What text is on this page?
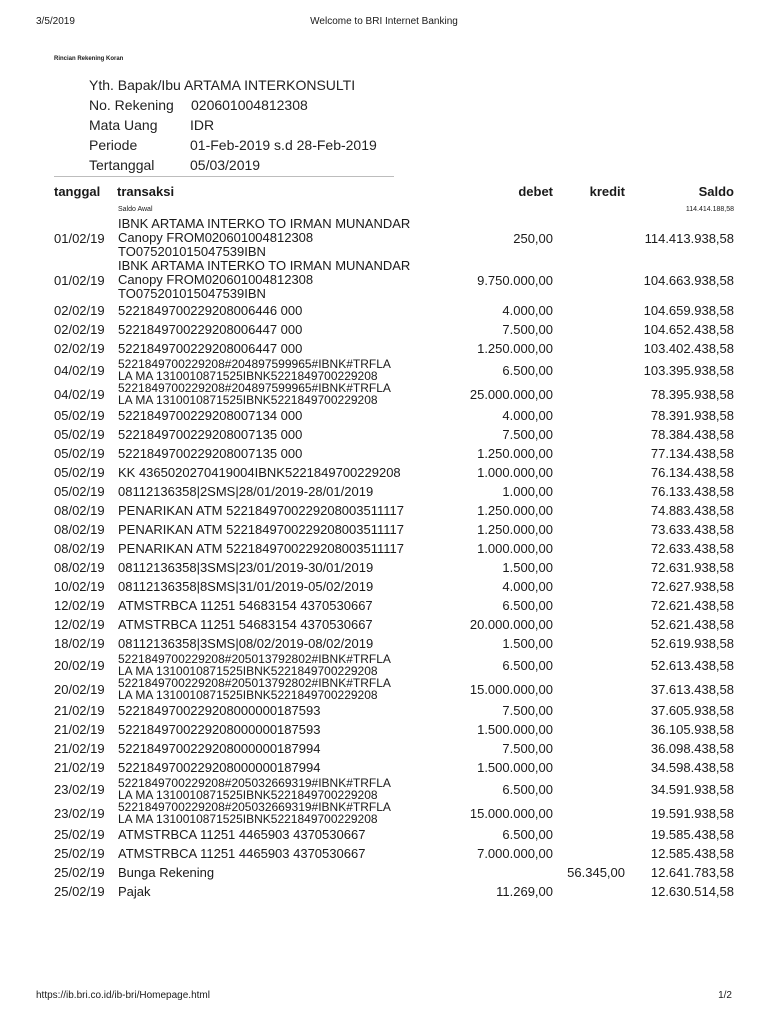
3/5/2019	Welcome to BRI Internet Banking
Rincian Rekening Koran
Yth. Bapak/Ibu ARTAMA INTERKONSULTI
No. Rekening 020601004812308
Mata Uang IDR
Periode	01-Feb-2019 s.d 28-Feb-2019
Tertanggal	05/03/2019
tanggal	transaksi	debet	kredit	Saldo
	Saldo Awal			114.414.188,58
01/02/19	IBNK ARTAMA INTERKO TO IRMAN MUNANDAR
Canopy FROM020601004812308
TO075201015047539IBN	250,00		114.413.938,58
01/02/19	IBNK ARTAMA INTERKO TO IRMAN MUNANDAR
Canopy FROM020601004812308
TO075201015047539IBN	9.750.000,00		104.663.938,58
02/02/19	5221849700229208006446 000	4.000,00		104.659.938,58
02/02/19	5221849700229208006447 000	7.500,00		104.652.438,58
02/02/19	5221849700229208006447 000	1.250.000,00		103.402.438,58
04/02/19	5221849700229208#204897599965#IBNK#TRFLA
LA MA 1310010871525IBNK5221849700229208	6.500,00		103.395.938,58
04/02/19	5221849700229208#204897599965#IBNK#TRFLA
LA MA 1310010871525IBNK5221849700229208	25.000.000,00		78.395.938,58
05/02/19	5221849700229208007134 000	4.000,00		78.391.938,58
05/02/19	5221849700229208007135 000	7.500,00		78.384.438,58
05/02/19	5221849700229208007135 000	1.250.000,00		77.134.438,58
05/02/19	KK 4365020270419004IBNK5221849700229208	1.000.000,00		76.134.438,58
05/02/19	08112136358|2SMS|28/01/2019-28/01/2019	1.000,00		76.133.438,58
08/02/19	PENARIKAN ATM 5221849700229208003511117	1.250.000,00		74.883.438,58
08/02/19	PENARIKAN ATM 5221849700229208003511117	1.250.000,00		73.633.438,58
08/02/19	PENARIKAN ATM 5221849700229208003511117	1.000.000,00		72.633.438,58
08/02/19	08112136358|3SMS|23/01/2019-30/01/2019	1.500,00		72.631.938,58
10/02/19	08112136358|8SMS|31/01/2019-05/02/2019	4.000,00		72.627.938,58
12/02/19	ATMSTRBCA 11251 54683154 4370530667	6.500,00		72.621.438,58
12/02/19	ATMSTRBCA 11251 54683154 4370530667	20.000.000,00		52.621.438,58
18/02/19	08112136358|3SMS|08/02/2019-08/02/2019	1.500,00		52.619.938,58
20/02/19	5221849700229208#205013792802#IBNK#TRFLA
LA MA 1310010871525IBNK5221849700229208	6.500,00		52.613.438,58
20/02/19	5221849700229208#205013792802#IBNK#TRFLA
LA MA 1310010871525IBNK5221849700229208	15.000.000,00		37.613.438,58
21/02/19	5221849700229208000000187593	7.500,00		37.605.938,58
21/02/19	5221849700229208000000187593	1.500.000,00		36.105.938,58
21/02/19	5221849700229208000000187994	7.500,00		36.098.438,58
21/02/19	5221849700229208000000187994	1.500.000,00		34.598.438,58
23/02/19	5221849700229208#205032669319#IBNK#TRFLA
LA MA 1310010871525IBNK5221849700229208	6.500,00		34.591.938,58
23/02/19	5221849700229208#205032669319#IBNK#TRFLA
LA MA 1310010871525IBNK5221849700229208	15.000.000,00		19.591.938,58
25/02/19	ATMSTRBCA 11251 4465903 4370530667	6.500,00		19.585.438,58
25/02/19	ATMSTRBCA 11251 4465903 4370530667	7.000.000,00		12.585.438,58
25/02/19	Bunga Rekening		56.345,00	12.641.783,58
25/02/19	Pajak	11.269,00		12.630.514,58
https://ib.bri.co.id/ib-bri/Homepage.html	1/2
